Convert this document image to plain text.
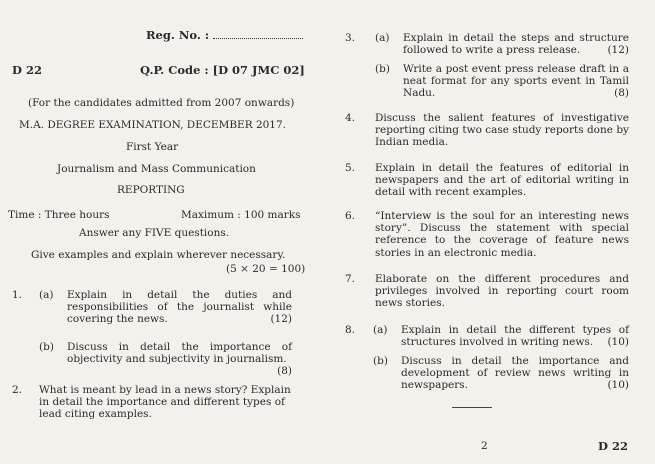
Reg. No. :
D 22	Q.P. Code : [D 07 JMC 02]
(For the candidates admitted from 2007 onwards)
M.A. DEGREE EXAMINATION, DECEMBER 2017.
First Year
Journalism and Mass Communication
REPORTING
Time : Three hours	Maximum : 100 marks
Answer any FIVE questions.
Give examples and explain wherever necessary.
(5 × 20 = 100)
1. (a) Explain in detail the duties and responsibilities of the journalist while covering the news.	(12)
(b) Discuss in detail the importance of objectivity and subjectivity in journalism.
(8)
2. What is meant by lead in a news story? Explain in detail the importance and different types of lead citing examples.
3. (a) Explain in detail the steps and structure followed to write a press release.	(12)
(b) Write a post event press release draft in a neat format for any sports event in Tamil Nadu.	(8)
4. Discuss the salient features of investigative reporting citing two case study reports done by Indian media.
5. Explain in detail the features of editorial in newspapers and the art of editorial writing in detail with recent examples.
6. “Interview is the soul for an interesting news story”. Discuss the statement with special reference to the coverage of feature news stories in an electronic media.
7. Elaborate on the different procedures and privileges involved in reporting court room news stories.
8. (a) Explain in detail the different types of structures involved in writing news. (10)
(b) Discuss in detail the importance and development of review news writing in newspapers.	(10)
2	D 22
